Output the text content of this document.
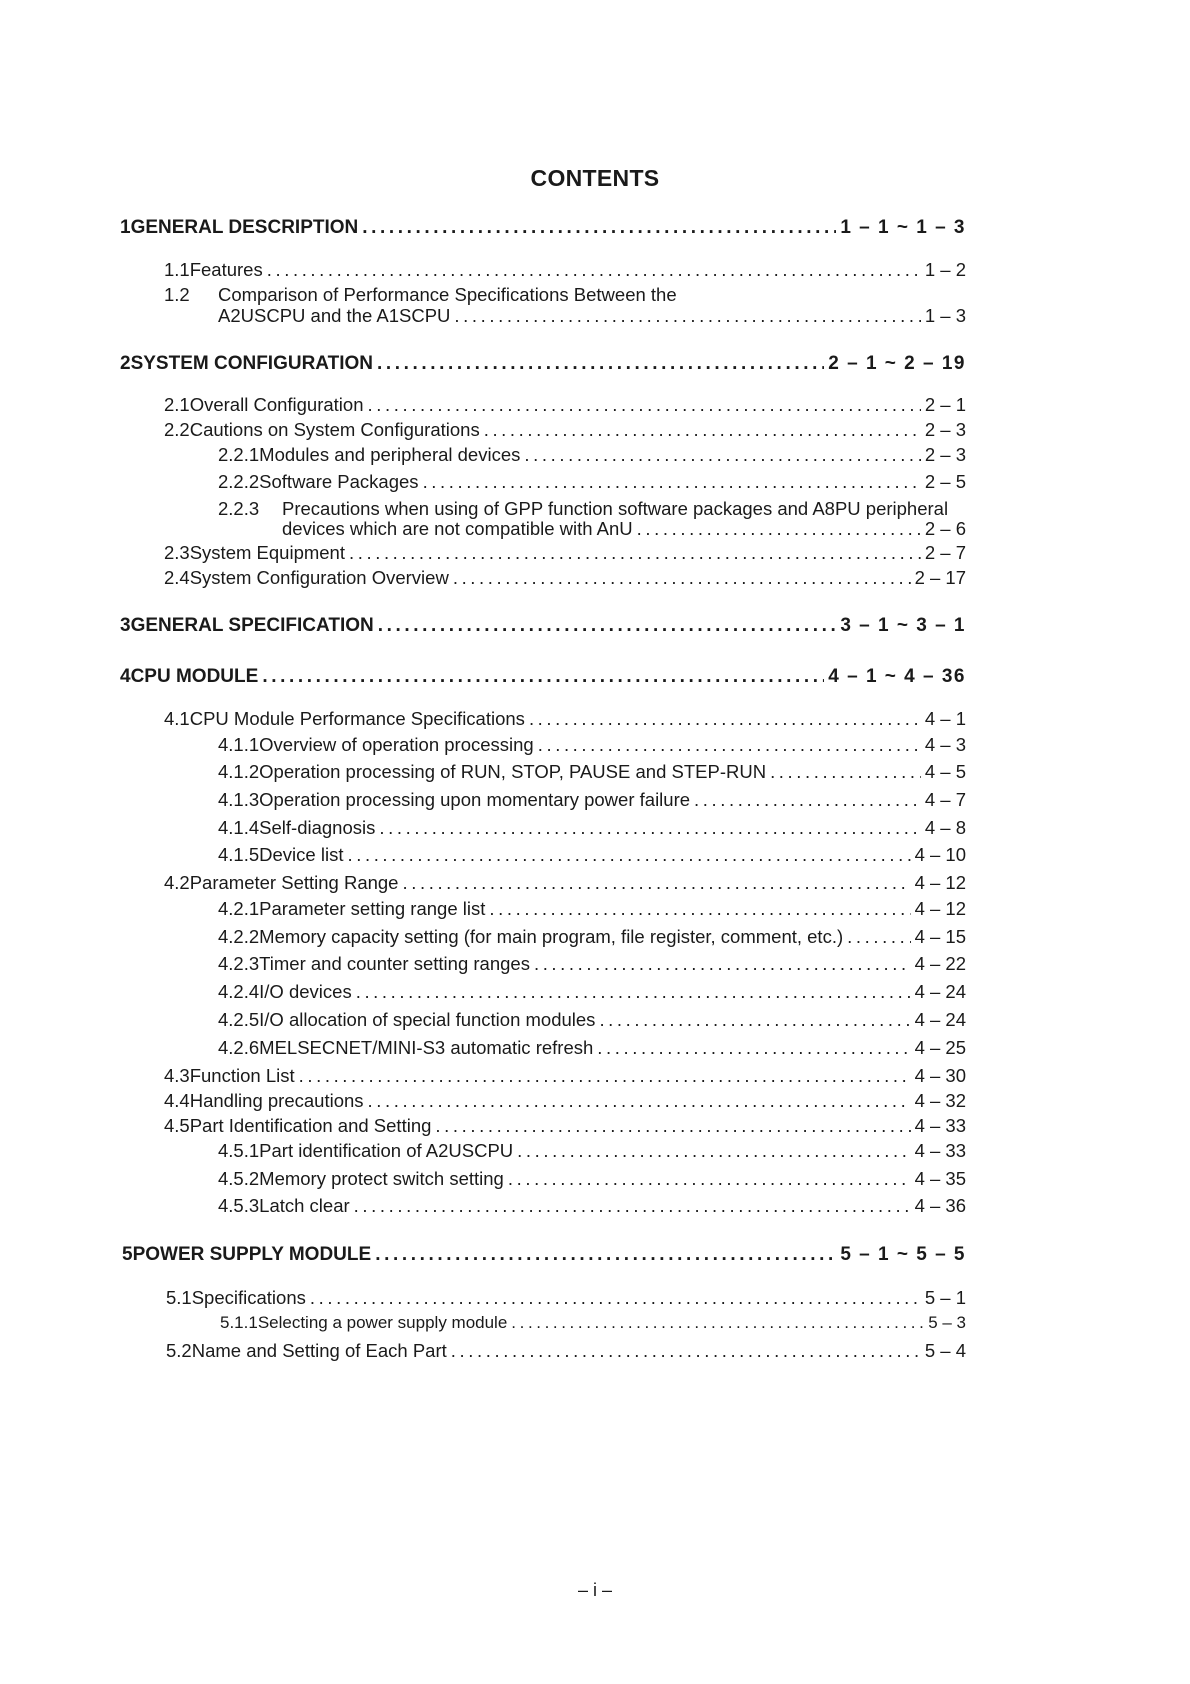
CONTENTS
1 GENERAL DESCRIPTION .....	1 – 1 ~ 1 – 3
1.1 Features .....	1 – 2
1.2	Comparison of Performance Specifications Between the
A2USCPU and the A1SCPU .....	1 – 3
2 SYSTEM CONFIGURATION .....	2 – 1 ~ 2 – 19
2.1 Overall Configuration .....	2 – 1
2.2 Cautions on System Configurations .....	2 – 3
2.2.1 Modules and peripheral devices .....	2 – 3
2.2.2 Software Packages .....	2 – 5
2.2.3	Precautions when using of GPP function software packages and A8PU peripheral
devices which are not compatible with AnU .....	2 – 6
2.3 System Equipment .....	2 – 7
2.4 System Configuration Overview .....	2 – 17
3 GENERAL SPECIFICATION .....	3 – 1 ~ 3 – 1
4 CPU MODULE .....	4 – 1 ~ 4 – 36
4.1 CPU Module Performance Specifications .....	4 – 1
4.1.1 Overview of operation processing .....	4 – 3
4.1.2 Operation processing of RUN, STOP, PAUSE and STEP-RUN .....	4 – 5
4.1.3 Operation processing upon momentary power failure .....	4 – 7
4.1.4 Self-diagnosis .....	4 – 8
4.1.5 Device list .....	4 – 10
4.2 Parameter Setting Range .....	4 – 12
4.2.1 Parameter setting range list .....	4 – 12
4.2.2 Memory capacity setting (for main program, file register, comment, etc.) .....	4 – 15
4.2.3 Timer and counter setting ranges .....	4 – 22
4.2.4 I/O devices .....	4 – 24
4.2.5 I/O allocation of special function modules .....	4 – 24
4.2.6 MELSECNET/MINI-S3 automatic refresh .....	4 – 25
4.3 Function List .....	4 – 30
4.4 Handling precautions .....	4 – 32
4.5 Part Identification and Setting .....	4 – 33
4.5.1 Part identification of A2USCPU .....	4 – 33
4.5.2 Memory protect switch setting .....	4 – 35
4.5.3 Latch clear .....	4 – 36
5 POWER SUPPLY MODULE .....	5 – 1 ~ 5 – 5
5.1 Specifications .....	5 – 1
5.1.1 Selecting a power supply module .....	5 – 3
5.2 Name and Setting of Each Part .....	5 – 4
– i –
